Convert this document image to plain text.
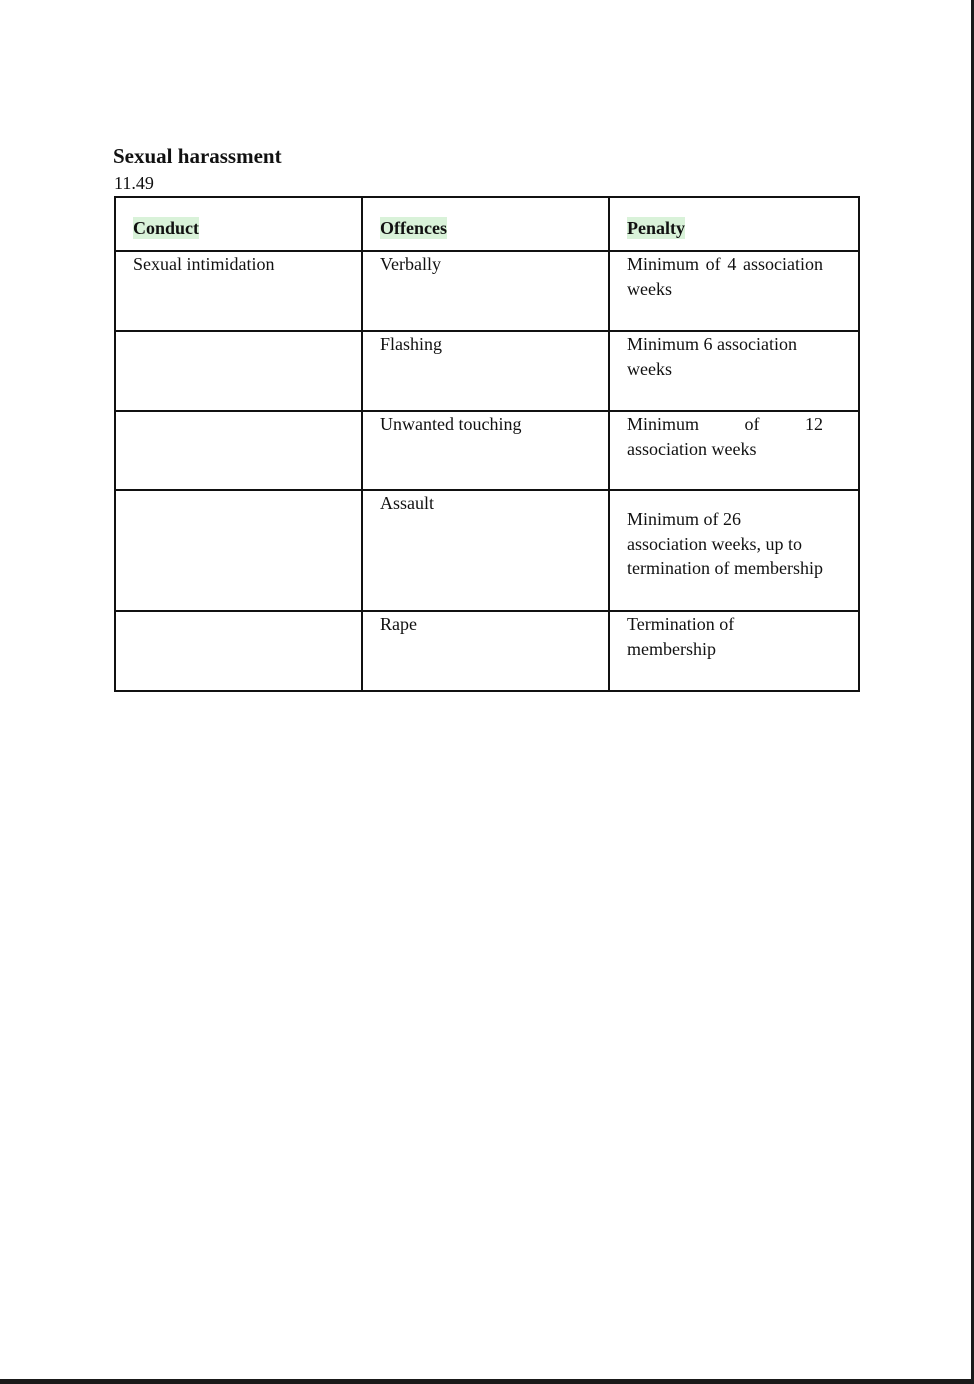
Sexual harassment
11.49
Conduct	Offences	Penalty
Sexual intimidation	Verbally	Minimum of 4 association weeks

	Flashing	Minimum 6 association weeks

	Unwanted touching	Minimum of 12 association weeks

	Assault	Minimum of 26 association weeks, up to termination of membership

	Rape	Termination of membership
